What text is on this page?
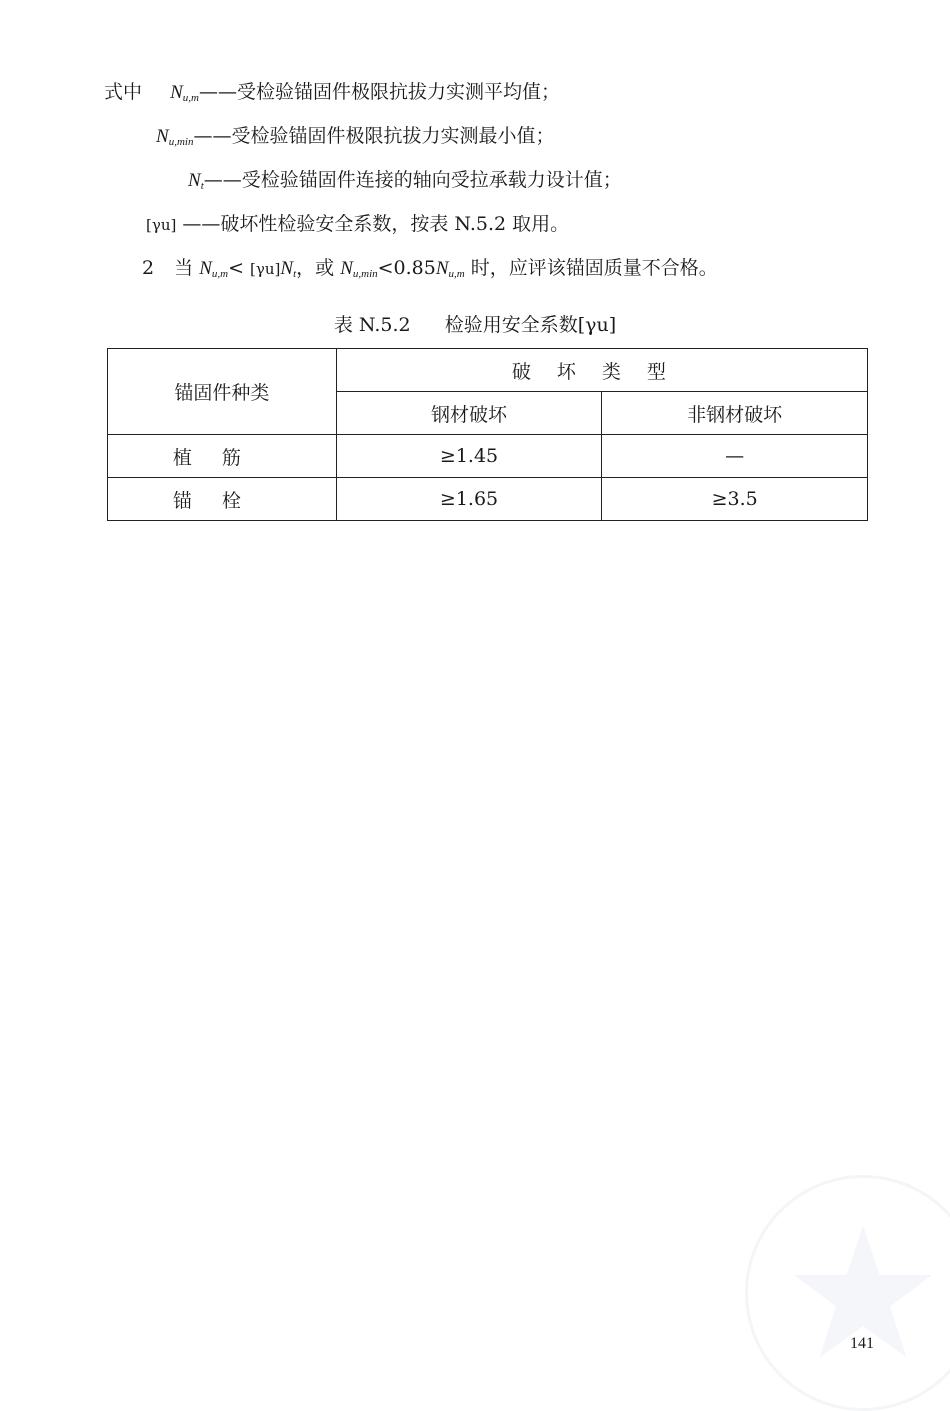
式中 $N_{u,m}——$受检验锚固件极限抗拔力实测平均值；
$N_{u,min}——$受检验锚固件极限抗拔力实测最小值；
$N_t——$受检验锚固件连接的轴向受拉承载力设计值；
[γu] ——破坏性检验安全系数，按表 N.5.2 取用。
2 当 $N_{u,m}< [\gamma u]N_t$，或 $N_{u,min}<0.85N_{u,m}$ 时，应评该锚固质量不合格。
表 N.5.2 检验用安全系数[γu]
锚固件种类	破坏类型	
	钢材破坏	非钢材破坏
植筋	≥1.45	—
锚栓	≥1.65	≥3.5
141
